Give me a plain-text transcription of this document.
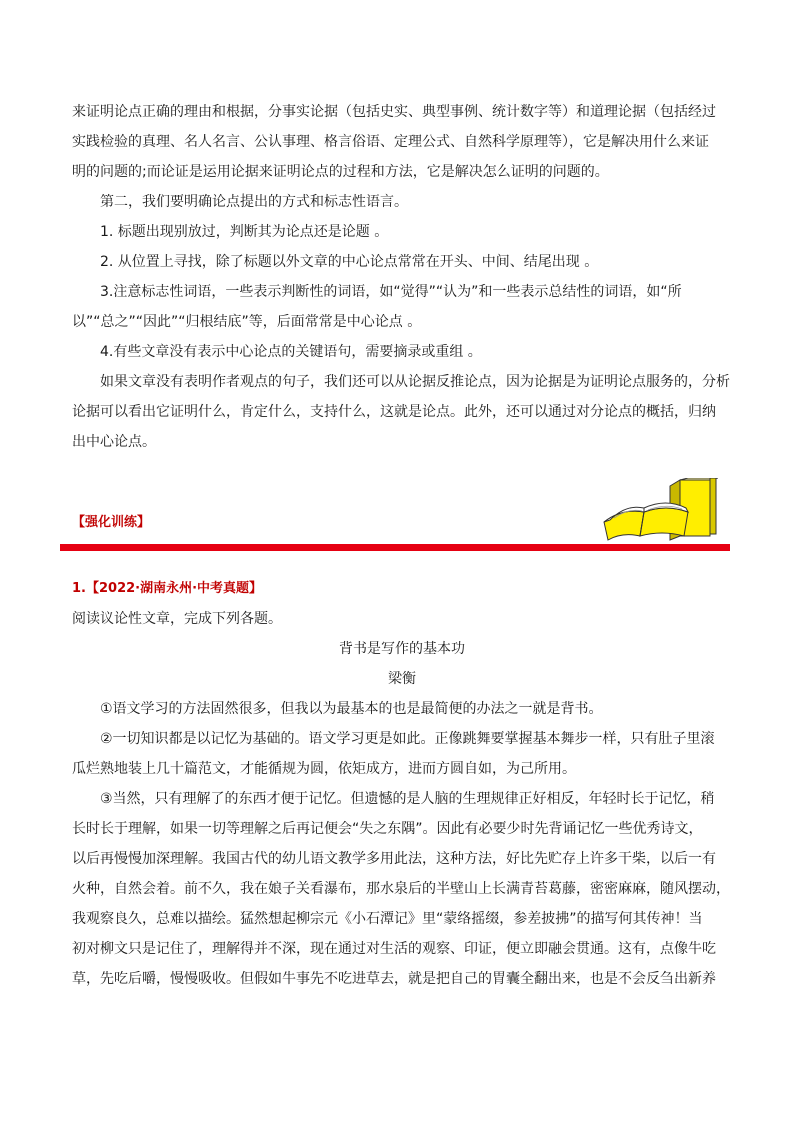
来证明论点正确的理由和根据，分事实论据（包括史实、典型事例、统计数字等）和道理论据（包括经过

实践检验的真理、名人名言、公认事理、格言俗语、定理公式、自然科学原理等），它是解决用什么来证

明的问题的;而论证是运用论据来证明论点的过程和方法，它是解决怎么证明的问题的。

第二，我们要明确论点提出的方式和标志性语言。

1. 标题出现别放过，判断其为论点还是论题 。

2. 从位置上寻找，除了标题以外文章的中心论点常常在开头、中间、结尾出现 。

3.注意标志性词语，一些表示判断性的词语，如“觉得”“认为”和一些表示总结性的词语，如“所

以”“总之”“因此”“归根结底”等，后面常常是中心论点 。

4.有些文章没有表示中心论点的关键语句，需要摘录或重组 。

如果文章没有表明作者观点的句子，我们还可以从论据反推论点，因为论据是为证明论点服务的，分析

论据可以看出它证明什么，肯定什么，支持什么，这就是论点。此外，还可以通过对分论点的概括，归纳

出中心论点。

【强化训练】

1.【2022·湖南永州·中考真题】

阅读议论性文章，完成下列各题。

背书是写作的基本功

梁衡

①语文学习的方法固然很多，但我以为最基本的也是最简便的办法之一就是背书。

②一切知识都是以记忆为基础的。语文学习更是如此。正像跳舞要掌握基本舞步一样，只有肚子里滚

瓜烂熟地装上几十篇范文，才能循规为圆，依矩成方，进而方圆自如，为己所用。

③当然，只有理解了的东西才便于记忆。但遗憾的是人脑的生理规律正好相反，年轻时长于记忆，稍

长时长于理解，如果一切等理解之后再记便会“失之东隅”。因此有必要少时先背诵记忆一些优秀诗文，

以后再慢慢加深理解。我国古代的幼儿语文教学多用此法，这种方法，好比先贮存上许多干柴，以后一有

火种，自然会着。前不久，我在娘子关看瀑布，那水泉后的半壁山上长满青苔葛藤，密密麻麻，随风摆动，

我观察良久，总难以描绘。猛然想起柳宗元《小石潭记》里“蒙络摇缀，参差披拂”的描写何其传神！当

初对柳文只是记住了，理解得并不深，现在通过对生活的观察、印证，便立即融会贯通。这有，点像牛吃

草，先吃后嚼，慢慢吸收。但假如牛事先不吃进草去，就是把自己的胃囊全翻出来，也是不会反刍出新养
